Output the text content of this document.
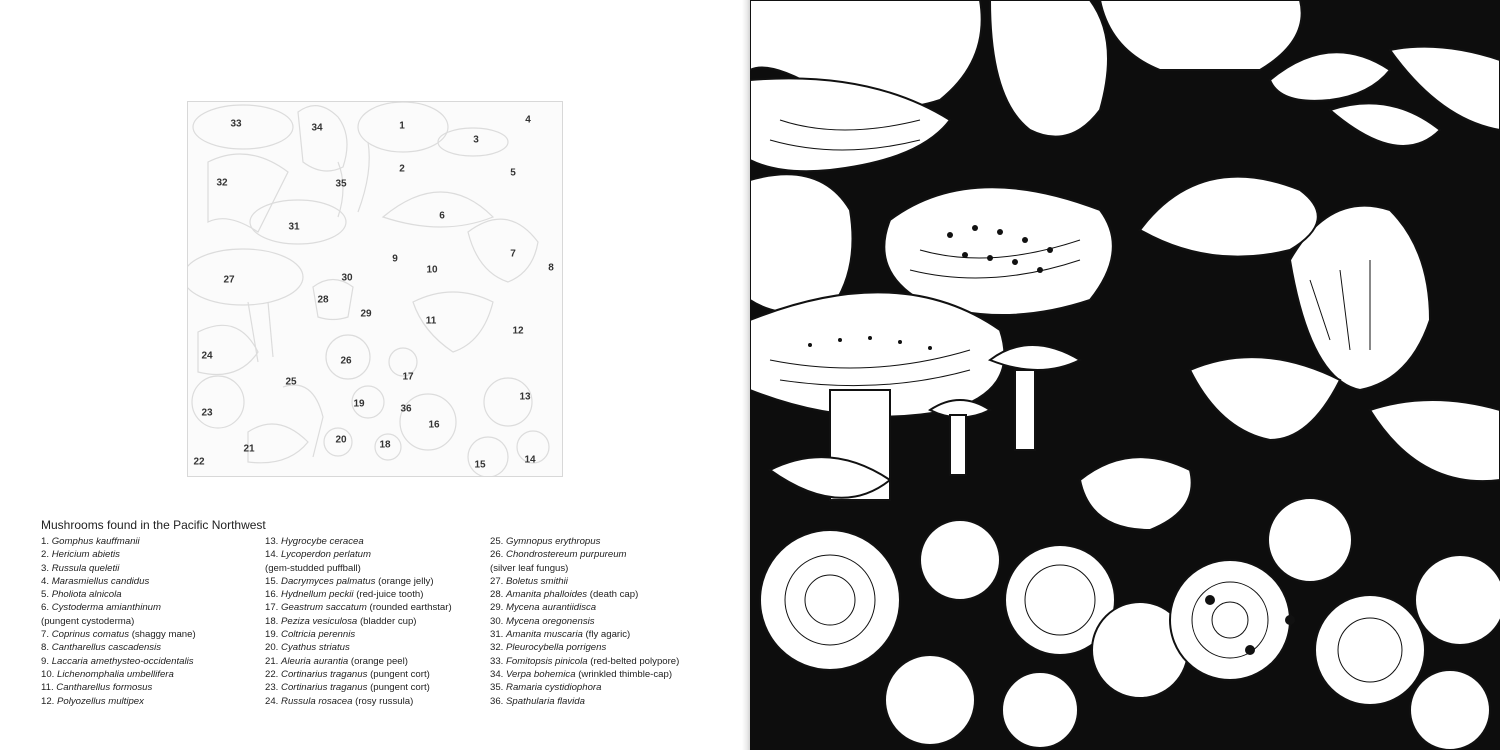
33	34	1
3
4
2	5
32	35
6
31
7
9
10	8
27	30
28
29
11
12
24	26
17
25
13
19	36
23
16
20	18
21
22	15	14
Mushrooms found in the Pacific Northwest
1. Gomphus kauffmanii
2. Hericium abietis
3. Russula queletii
4. Marasmiellus candidus
5. Pholiota alnicola
6. Cystoderma amianthinum
(pungent cystoderma)
7. Coprinus comatus (shaggy mane)
8. Cantharellus cascadensis
9. Laccaria amethysteo-occidentalis
10. Lichenomphalia umbellifera
11. Cantharellus formosus
12. Polyozellus multipex
13. Hygrocybe ceracea
14. Lycoperdon perlatum
(gem-studded puffball)
15. Dacrymyces palmatus (orange jelly)
16. Hydnellum peckii (red-juice tooth)
17. Geastrum saccatum (rounded earthstar)
18. Peziza vesiculosa (bladder cup)
19. Coltricia perennis
20. Cyathus striatus
21. Aleuria aurantia (orange peel)
22. Cortinarius traganus (pungent cort)
23. Cortinarius traganus (pungent cort)
24. Russula rosacea (rosy russula)
25. Gymnopus erythropus
26. Chondrostereum purpureum
(silver leaf fungus)
27. Boletus smithii
28. Amanita phalloides (death cap)
29. Mycena aurantiidisca
30. Mycena oregonensis
31. Amanita muscaria (fly agaric)
32. Pleurocybella porrigens
33. Fomitopsis pinicola (red-belted polypore)
34. Verpa bohemica (wrinkled thimble-cap)
35. Ramaria cystidiophora
36. Spathularia flavida
